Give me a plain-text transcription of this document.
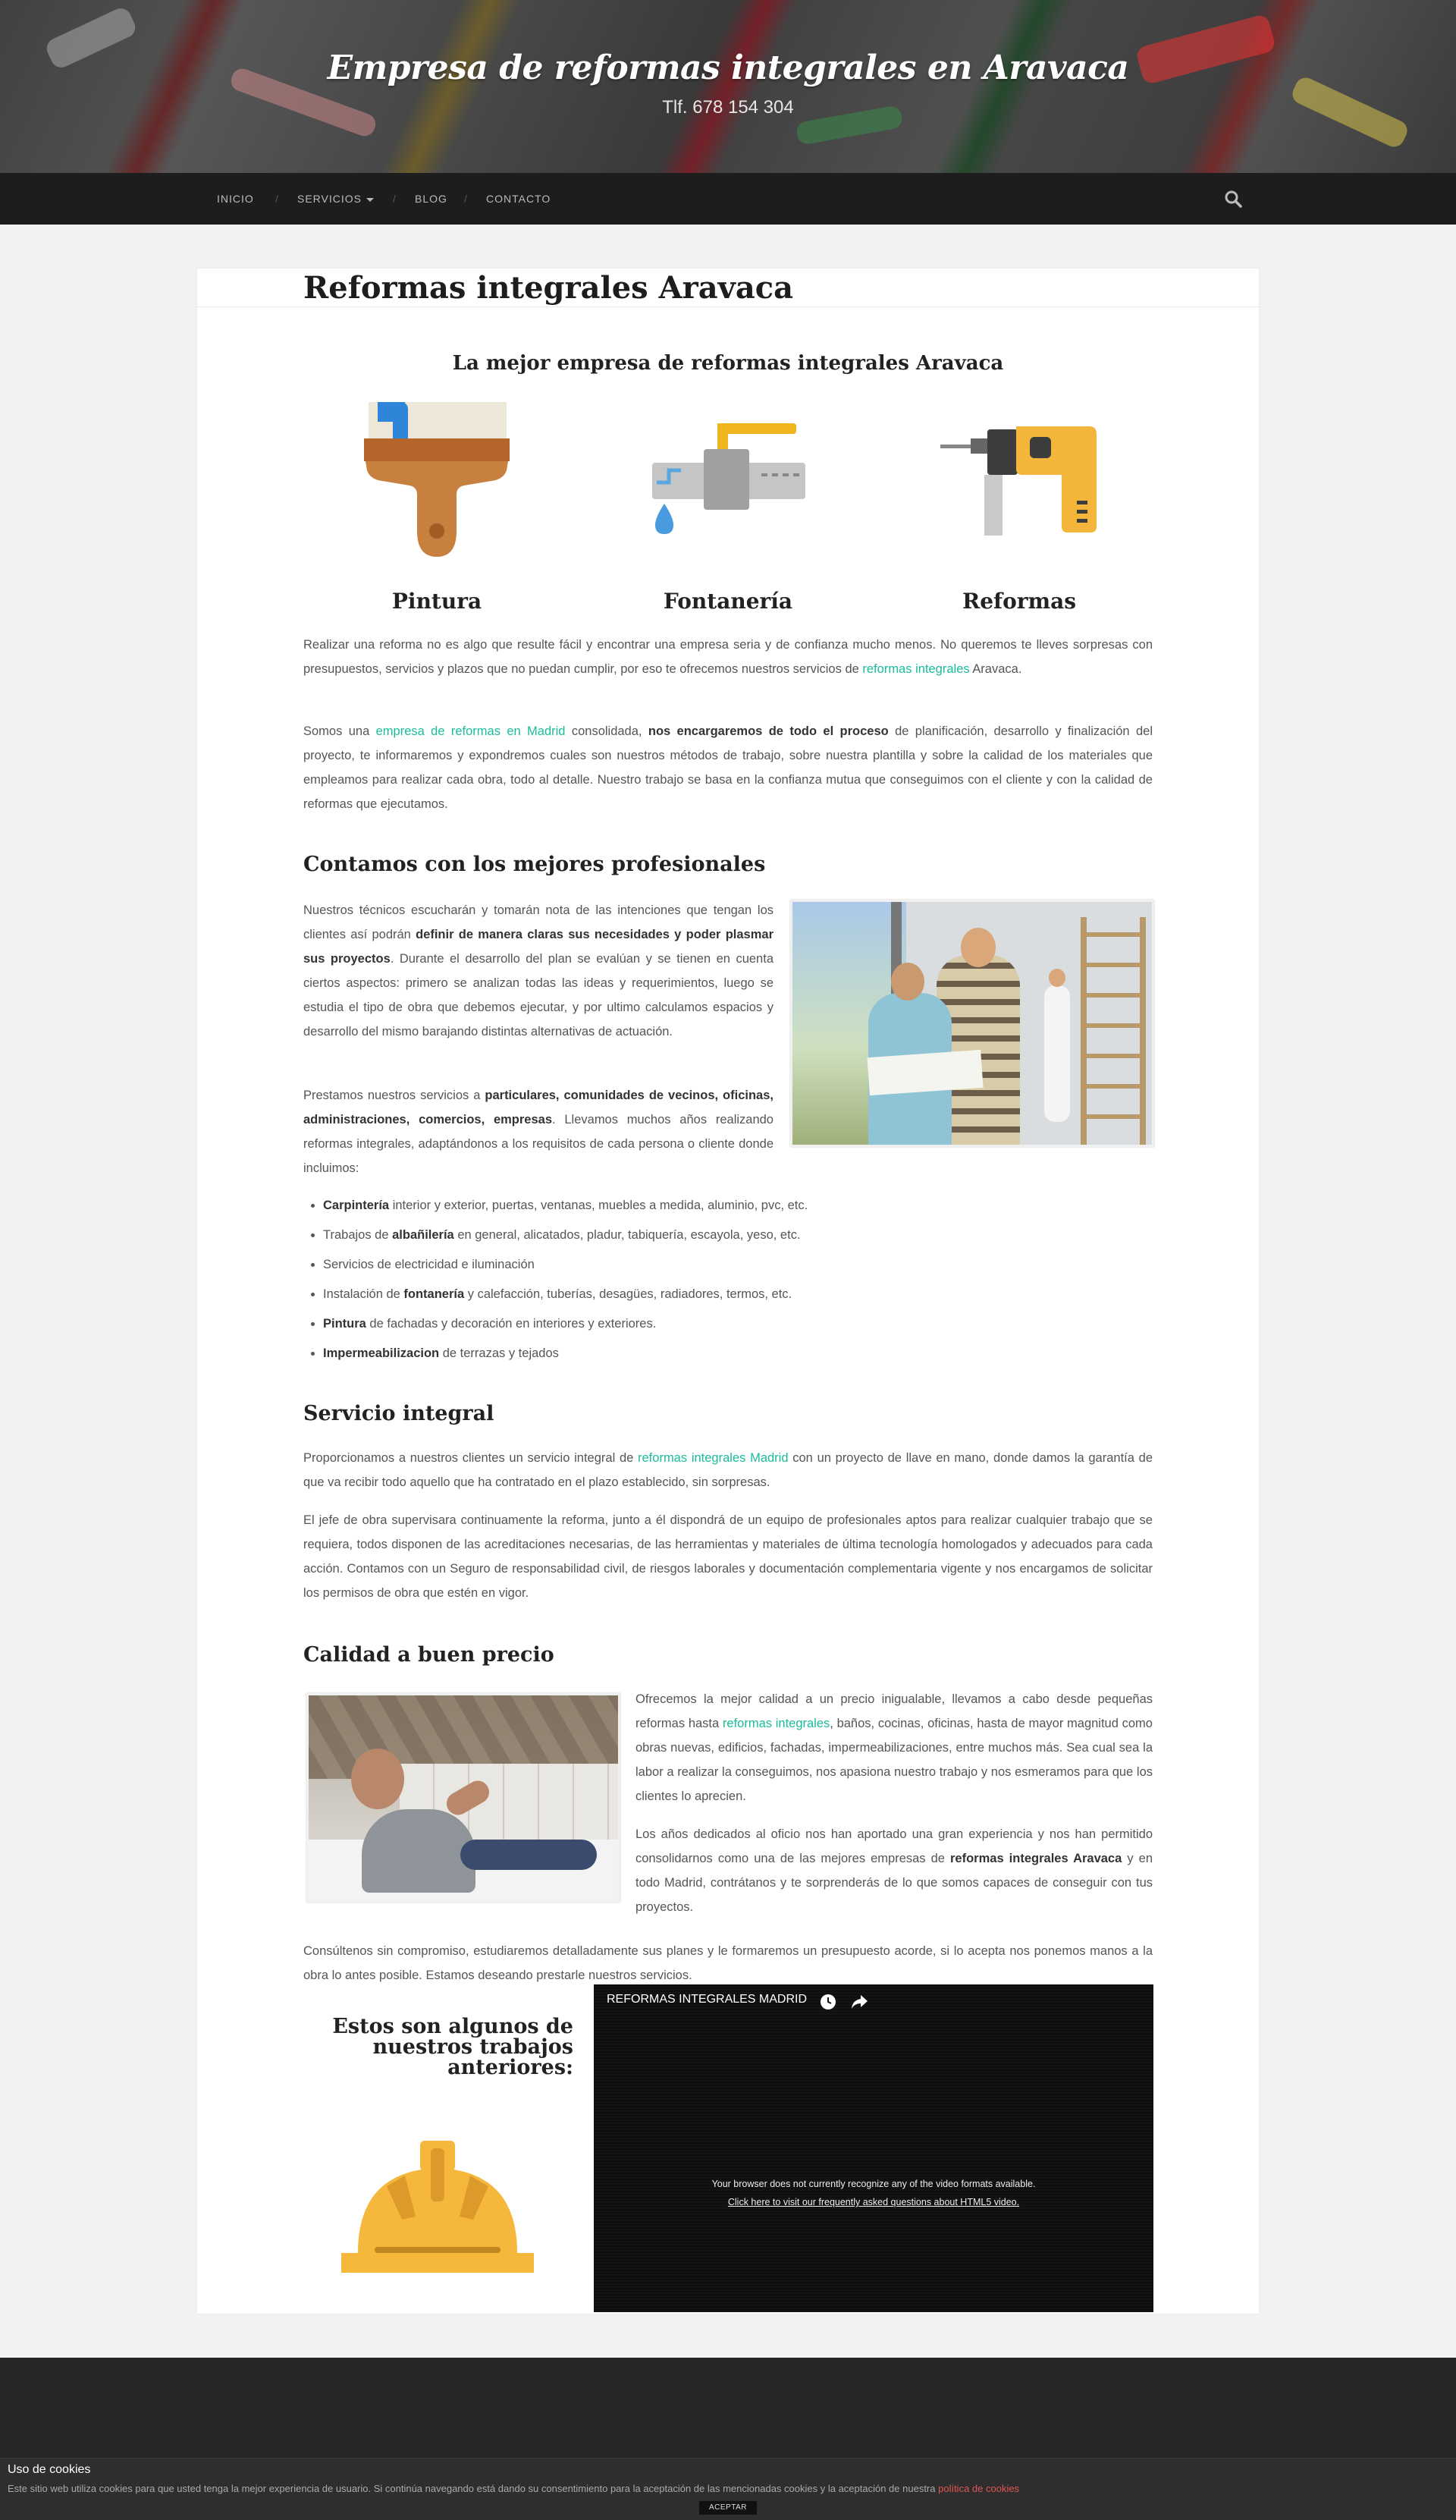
Empresa de reformas integrales en Aravaca
Tlf. 678 154 304
INICIO / SERVICIOS	/ BLOG / CONTACTO
Reformas integrales Aravaca
La mejor empresa de reformas integrales Aravaca
Pintura	Fontanería	Reformas

Realizar una reforma no es algo que resulte fácil y encontrar una empresa seria y de confianza mucho menos. No queremos te lleves sorpresas con presupuestos, servicios y plazos que no puedan cumplir, por eso te ofrecemos nuestros servicios de reformas integrales Aravaca.

Somos una empresa de reformas en Madrid consolidada, nos encargaremos de todo el proceso de planificación, desarrollo y finalización del proyecto, te informaremos y expondremos cuales son nuestros métodos de trabajo, sobre nuestra plantilla y sobre la calidad de los materiales que empleamos para realizar cada obra, todo al detalle. Nuestro trabajo se basa en la confianza mutua que conseguimos con el cliente y con la calidad de reformas que ejecutamos.

Contamos con los mejores profesionales

Nuestros técnicos escucharán y tomarán nota de las intenciones que tengan los clientes así podrán definir de manera claras sus necesidades y poder plasmar sus proyectos. Durante el desarrollo del plan se evalúan y se tienen en cuenta ciertos aspectos: primero se analizan todas las ideas y requerimientos, luego se estudia el tipo de obra que debemos ejecutar, y por ultimo calculamos espacios y desarrollo del mismo barajando distintas alternativas de actuación.

Prestamos nuestros servicios a particulares, comunidades de vecinos, oficinas, administraciones, comercios, empresas. Llevamos muchos años realizando reformas integrales, adaptándonos a los requisitos de cada persona o cliente donde incluimos:

• Carpintería interior y exterior, puertas, ventanas, muebles a medida, aluminio, pvc, etc.
• Trabajos de albañilería en general, alicatados, pladur, tabiquería, escayola, yeso, etc.
• Servicios de electricidad e iluminación
• Instalación de fontanería y calefacción, tuberías, desagües, radiadores, termos, etc.
• Pintura de fachadas y decoración en interiores y exteriores.
• Impermeabilizacion de terrazas y tejados
Servicio integral

Proporcionamos a nuestros clientes un servicio integral de reformas integrales Madrid con un proyecto de llave en mano, donde damos la garantía de que va recibir todo aquello que ha contratado en el plazo establecido, sin sorpresas.

El jefe de obra supervisara continuamente la reforma, junto a él dispondrá de un equipo de profesionales aptos para realizar cualquier trabajo que se requiera, todos disponen de las acreditaciones necesarias, de las herramientas y materiales de última tecnología homologados y adecuados para cada acción. Contamos con un Seguro de responsabilidad civil, de riesgos laborales y documentación complementaria vigente y nos encargamos de solicitar los permisos de obra que estén en vigor.

Calidad a buen precio

Ofrecemos la mejor calidad a un precio inigualable, llevamos a cabo desde pequeñas reformas hasta reformas integrales, baños, cocinas, oficinas, hasta de mayor magnitud como obras nuevas, edificios, fachadas, impermeabilizaciones, entre muchos más. Sea cual sea la labor a realizar la conseguimos, nos apasiona nuestro trabajo y nos esmeramos para que los clientes lo aprecien.

Los años dedicados al oficio nos han aportado una gran experiencia y nos han permitido consolidarnos como una de las mejores empresas de reformas integrales Aravaca y en todo Madrid, contrátanos y te sorprenderás de lo que somos capaces de conseguir con tus proyectos.

Consúltenos sin compromiso, estudiaremos detalladamente sus planes y le formaremos un presupuesto acorde, si lo acepta nos ponemos manos a la obra lo antes posible. Estamos deseando prestarle nuestros servicios.

Estos son algunos de nuestros trabajos anteriores:
REFORMAS INTEGRALES MADRID
Your browser does not currently recognize any of the video formats available.
Click here to visit our frequently asked questions about HTML5 video.
Uso de cookies
Este sitio web utiliza cookies para que usted tenga la mejor experiencia de usuario. Si continúa navegando está dando su consentimiento para la aceptación de las mencionadas cookies y la aceptación de nuestra política de cookies
ACEPTAR
